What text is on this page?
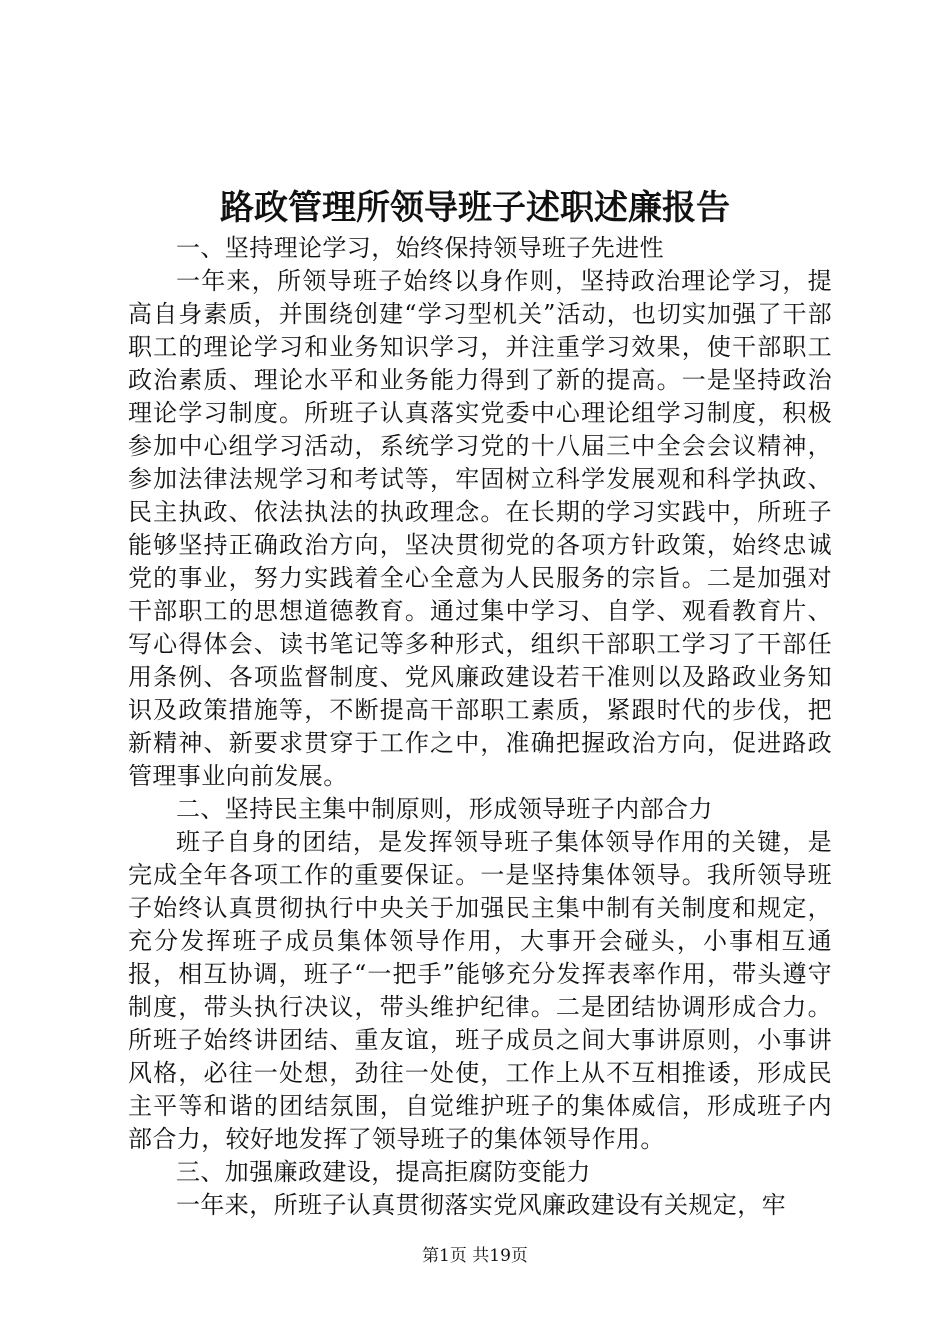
路政管理所领导班子述职述廉报告

一、坚持理论学习，始终保持领导班子先进性

一年来，所领导班子始终以身作则，坚持政治理论学习，提高自身素质，并围绕创建“学习型机关”活动，也切实加强了干部职工的理论学习和业务知识学习，并注重学习效果，使干部职工政治素质、理论水平和业务能力得到了新的提高。一是坚持政治理论学习制度。所班子认真落实党委中心理论组学习制度，积极参加中心组学习活动，系统学习党的十八届三中全会会议精神，参加法律法规学习和考试等，牢固树立科学发展观和科学执政、民主执政、依法执法的执政理念。在长期的学习实践中，所班子能够坚持正确政治方向，坚决贯彻党的各项方针政策，始终忠诚党的事业，努力实践着全心全意为人民服务的宗旨。二是加强对干部职工的思想道德教育。通过集中学习、自学、观看教育片、写心得体会、读书笔记等多种形式，组织干部职工学习了干部任用条例、各项监督制度、党风廉政建设若干准则以及路政业务知识及政策措施等，不断提高干部职工素质，紧跟时代的步伐，把新精神、新要求贯穿于工作之中，准确把握政治方向，促进路政管理事业向前发展。

二、坚持民主集中制原则，形成领导班子内部合力

班子自身的团结，是发挥领导班子集体领导作用的关键，是完成全年各项工作的重要保证。一是坚持集体领导。我所领导班子始终认真贯彻执行中央关于加强民主集中制有关制度和规定，充分发挥班子成员集体领导作用，大事开会碰头，小事相互通报，相互协调，班子“一把手”能够充分发挥表率作用，带头遵守制度，带头执行决议，带头维护纪律。二是团结协调形成合力。所班子始终讲团结、重友谊，班子成员之间大事讲原则，小事讲风格，必往一处想，劲往一处使，工作上从不互相推诿，形成民主平等和谐的团结氛围，自觉维护班子的集体威信，形成班子内部合力，较好地发挥了领导班子的集体领导作用。

三、加强廉政建设，提高拒腐防变能力

一年来，所班子认真贯彻落实党风廉政建设有关规定，牢

第1页 共19页
